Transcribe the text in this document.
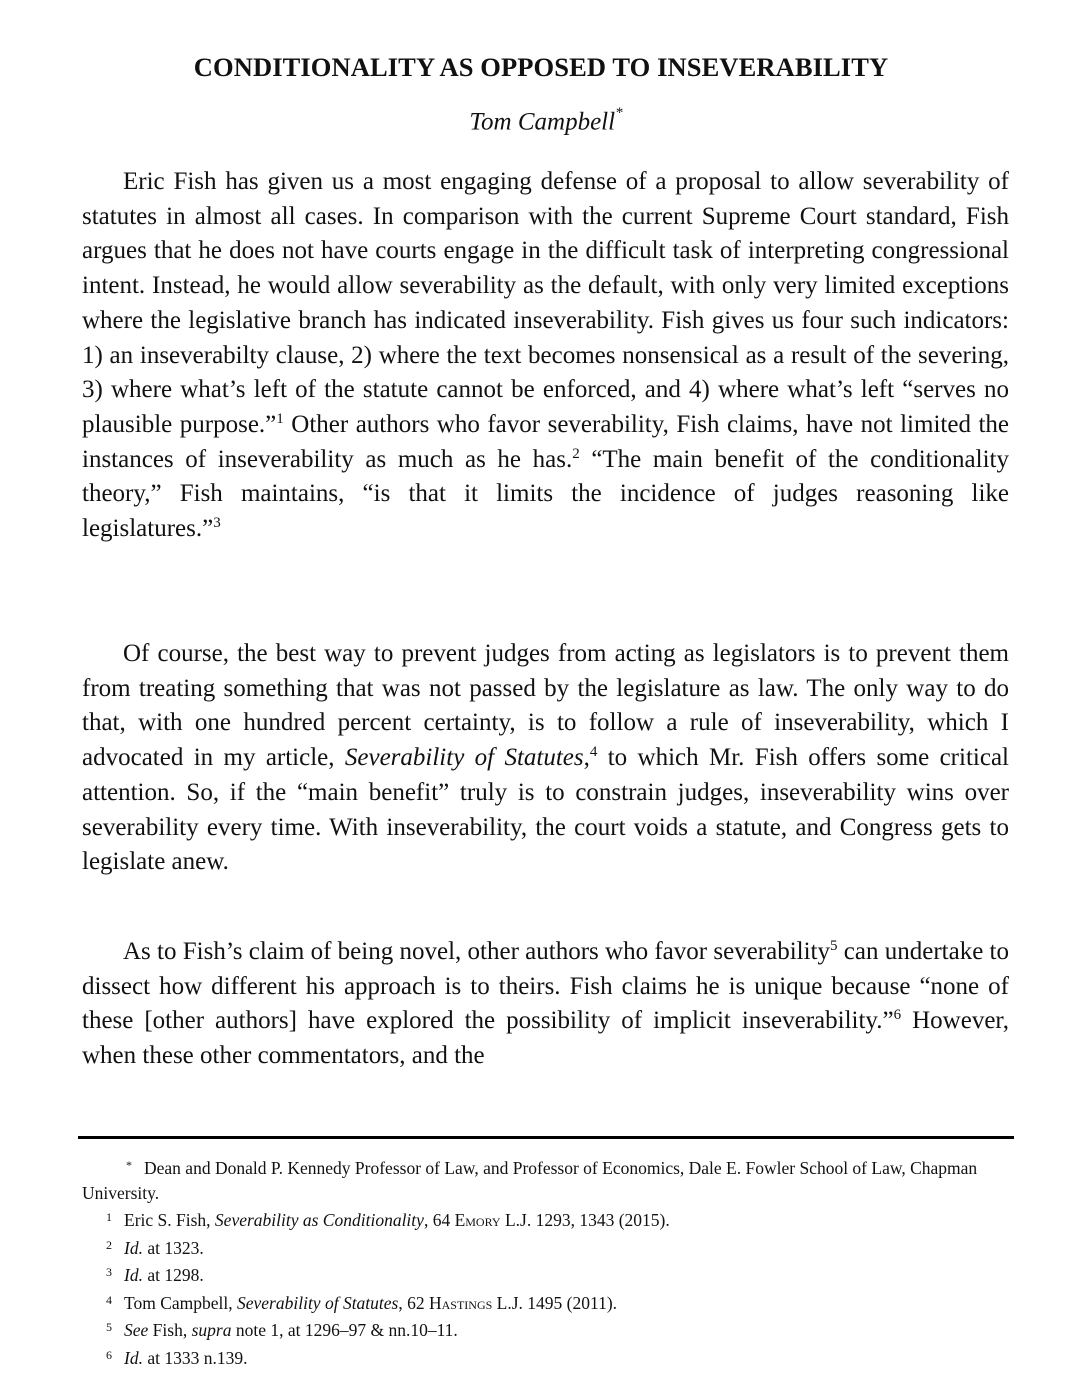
CONDITIONALITY AS OPPOSED TO INSEVERABILITY
Tom Campbell*

Eric Fish has given us a most engaging defense of a proposal to allow severability of statutes in almost all cases. In comparison with the current Supreme Court standard, Fish argues that he does not have courts engage in the difficult task of interpreting congressional intent. Instead, he would allow severability as the default, with only very limited exceptions where the legislative branch has indicated inseverability. Fish gives us four such indicators: 1) an inseverabilty clause, 2) where the text becomes nonsensical as a result of the severing, 3) where what’s left of the statute cannot be enforced, and 4) where what’s left “serves no plausible purpose.”$^1$ Other authors who favor severability, Fish claims, have not limited the instances of inseverability as much as he has.$^2$ “The main benefit of the conditionality theory,” Fish maintains, “is that it limits the incidence of judges reasoning like legislatures.”$^3$

Of course, the best way to prevent judges from acting as legislators is to prevent them from treating something that was not passed by the legislature as law. The only way to do that, with one hundred percent certainty, is to follow a rule of inseverability, which I advocated in my article, Severability of Statutes,$^4$ to which Mr. Fish offers some critical attention. So, if the “main benefit” truly is to constrain judges, inseverability wins over severability every time. With inseverability, the court voids a statute, and Congress gets to legislate anew.

As to Fish’s claim of being novel, other authors who favor severability$^5$ can undertake to dissect how different his approach is to theirs. Fish claims he is unique because “none of these [other authors] have explored the possibility of implicit inseverability.”$^6$ However, when these other commentators, and the

* Dean and Donald P. Kennedy Professor of Law, and Professor of Economics, Dale E. Fowler School of Law, Chapman University.

1 Eric S. Fish, Severability as Conditionality, 64 Emory L.J. 1293, 1343 (2015).

2 Id. at 1323.

3 Id. at 1298.

4 Tom Campbell, Severability of Statutes, 62 Hastings L.J. 1495 (2011).

5 See Fish, supra note 1, at 1296–97 & nn.10–11.

6 Id. at 1333 n.139.
